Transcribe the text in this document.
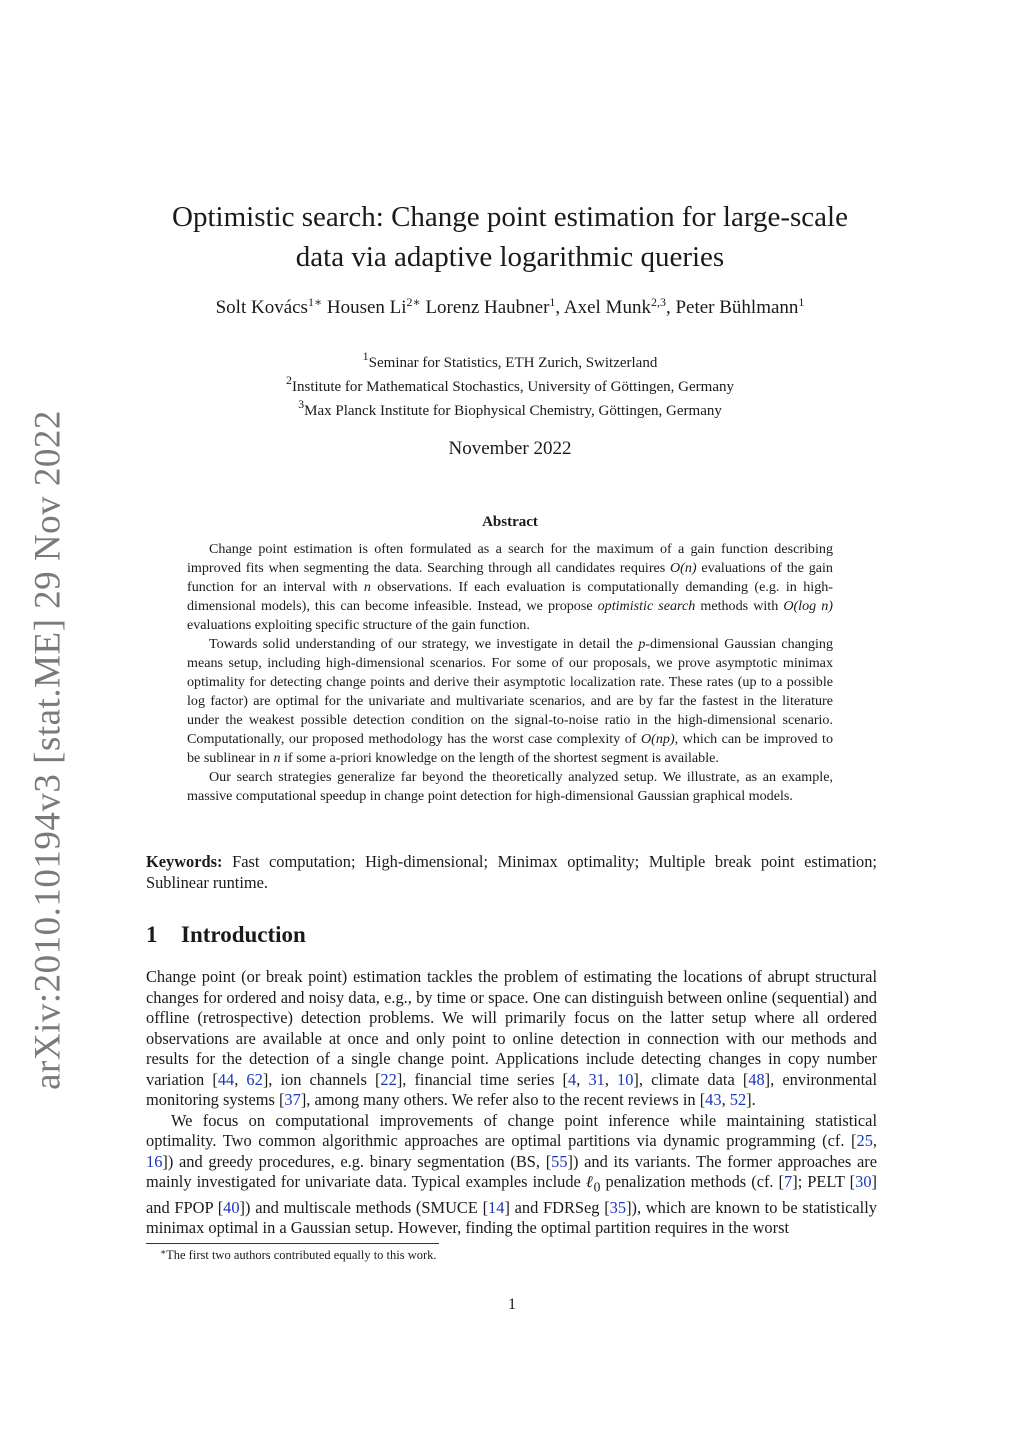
arXiv:2010.10194v3 [stat.ME] 29 Nov 2022
Optimistic search: Change point estimation for large-scale
data via adaptive logarithmic queries
Solt Kovács$^{1∗}$ Housen $Li^{2∗}$ Lorenz Haubner$^1$, Axel Munk$^{2,3}$, Peter Bühlmann$^1$
$^1$Seminar for Statistics, ETH Zurich, Switzerland
$^2$Institute for Mathematical Stochastics, University of Göttingen, Germany
$^3$Max Planck Institute for Biophysical Chemistry, Göttingen, Germany
November 2022
Abstract

Change point estimation is often formulated as a search for the maximum of a gain function describing improved fits when segmenting the data. Searching through all candidates requires O(n) evaluations of the gain function for an interval with n observations. If each evaluation is computationally demanding (e.g. in high-dimensional models), this can become infeasible. Instead, we propose optimistic search methods with O(log n) evaluations exploiting specific structure of the gain function.

Towards solid understanding of our strategy, we investigate in detail the p-dimensional Gaussian changing means setup, including high-dimensional scenarios. For some of our proposals, we prove asymptotic minimax optimality for detecting change points and derive their asymptotic localization rate. These rates (up to a possible log factor) are optimal for the univariate and multivariate scenarios, and are by far the fastest in the literature under the weakest possible detection condition on the signal-to-noise ratio in the high-dimensional scenario. Computationally, our proposed methodology has the worst case complexity of O(np), which can be improved to be sublinear in n if some a-priori knowledge on the length of the shortest segment is available.

Our search strategies generalize far beyond the theoretically analyzed setup. We illustrate, as an example, massive computational speedup in change point detection for high-dimensional Gaussian graphical models.

Keywords: Fast computation; High-dimensional; Minimax optimality; Multiple break point estimation; Sublinear runtime.
1 Introduction

Change point (or break point) estimation tackles the problem of estimating the locations of abrupt structural changes for ordered and noisy data, e.g., by time or space. One can distinguish between online (sequential) and offline (retrospective) detection problems. We will primarily focus on the latter setup where all ordered observations are available at once and only point to online detection in connection with our methods and results for the detection of a single change point. Applications include detecting changes in copy number variation [44, 62], ion channels [22], financial time series [4, 31, 10], climate data [48], environmental monitoring systems [37], among many others. We refer also to the recent reviews in [43, 52].

We focus on computational improvements of change point inference while maintaining statistical optimality. Two common algorithmic approaches are optimal partitions via dynamic programming (cf. [25, 16]) and greedy procedures, e.g. binary segmentation (BS, [55]) and its variants. The former approaches are mainly investigated for univariate data. Typical examples include ℓ$_0$ penalization methods (cf. [7]; PELT [30] and FPOP [40]) and multiscale methods (SMUCE [14] and FDRSeg [35]), which are known to be statistically minimax optimal in a Gaussian setup. However, finding the optimal partition requires in the worst

∗The first two authors contributed equally to this work.
1
